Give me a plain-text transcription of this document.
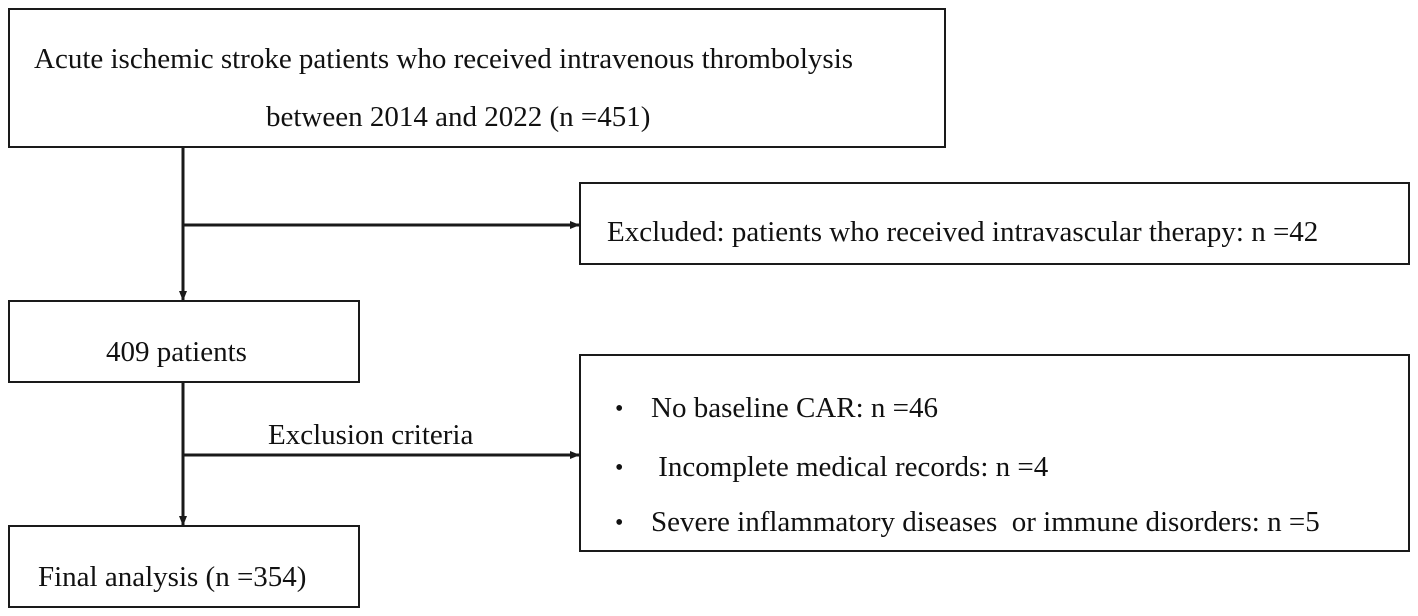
Acute ischemic stroke patients who received intravenous thrombolysis
between 2014 and 2022 (n =451)
Excluded: patients who received intravascular therapy: n =42
409 patients
Exclusion criteria
• No baseline CAR: n =46
• Incomplete medical records: n =4
• Severe inflammatory diseases  or immune disorders: n =5
Final analysis (n =354)
